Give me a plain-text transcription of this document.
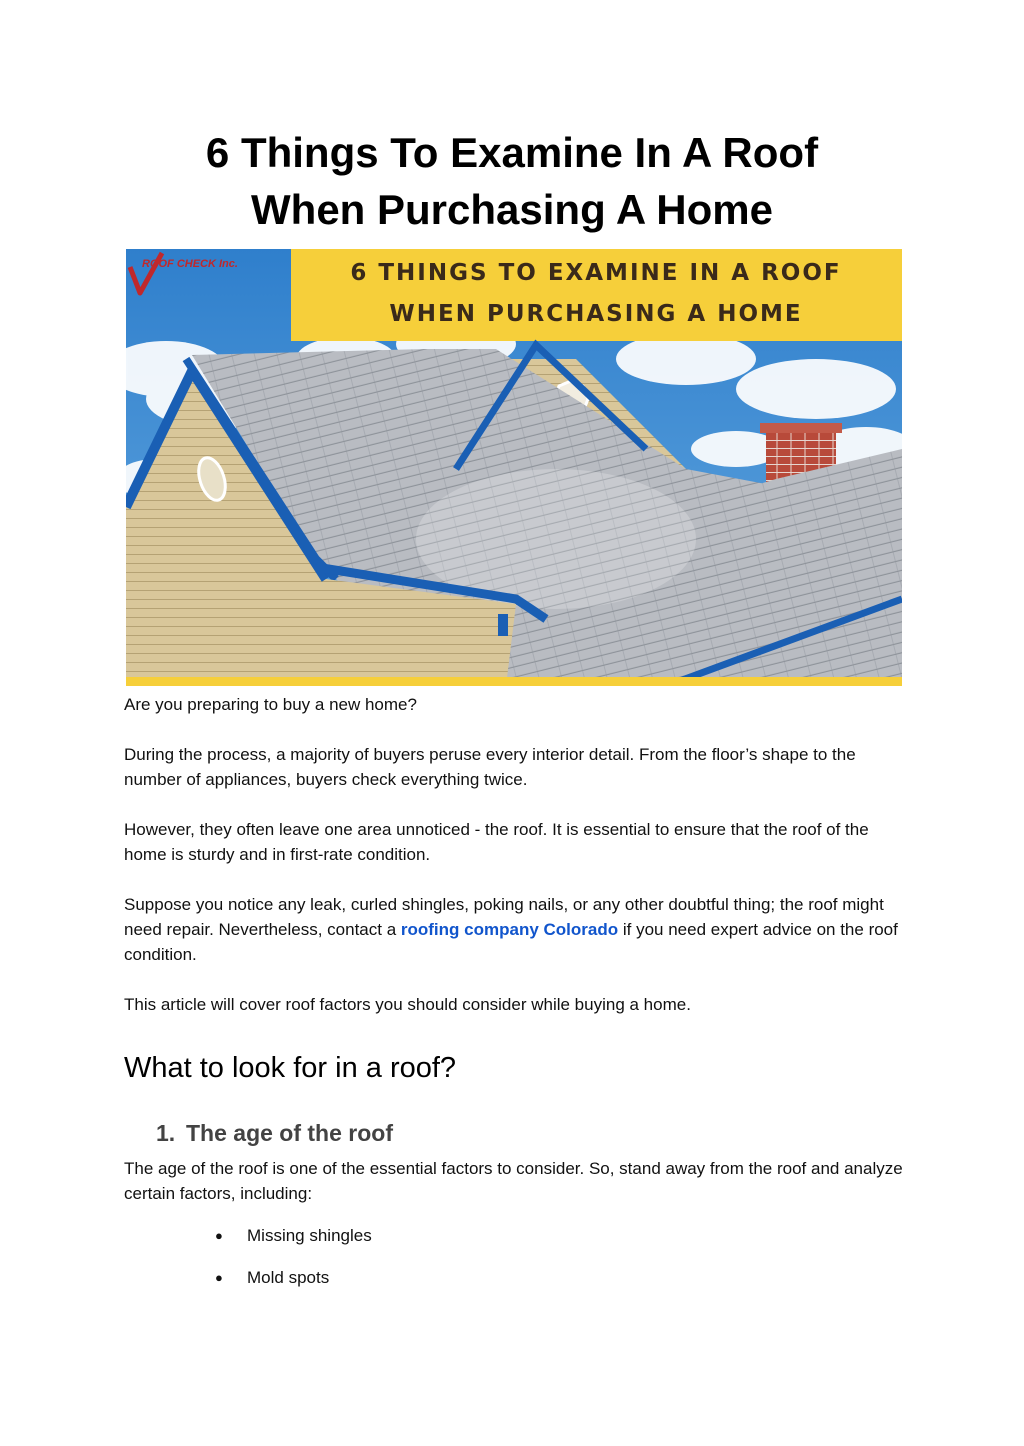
6 Things To Examine In A Roof
When Purchasing A Home
6 THINGS TO EXAMINE IN A ROOF
WHEN PURCHASING A HOME
ROOF CHECK Inc.

Are you preparing to buy a new home?

During the process, a majority of buyers peruse every interior detail. From the floor’s shape to the number of appliances, buyers check everything twice.

However, they often leave one area unnoticed - the roof. It is essential to ensure that the roof of the home is sturdy and in first-rate condition.

Suppose you notice any leak, curled shingles, poking nails, or any other doubtful thing; the roof might need repair. Nevertheless, contact a roofing company Colorado if you need expert advice on the roof condition.

This article will cover roof factors you should consider while buying a home.

What to look for in a roof?
1. The age of the roof

The age of the roof is one of the essential factors to consider. So, stand away from the roof and analyze certain factors, including:

● Missing shingles
● Mold spots
